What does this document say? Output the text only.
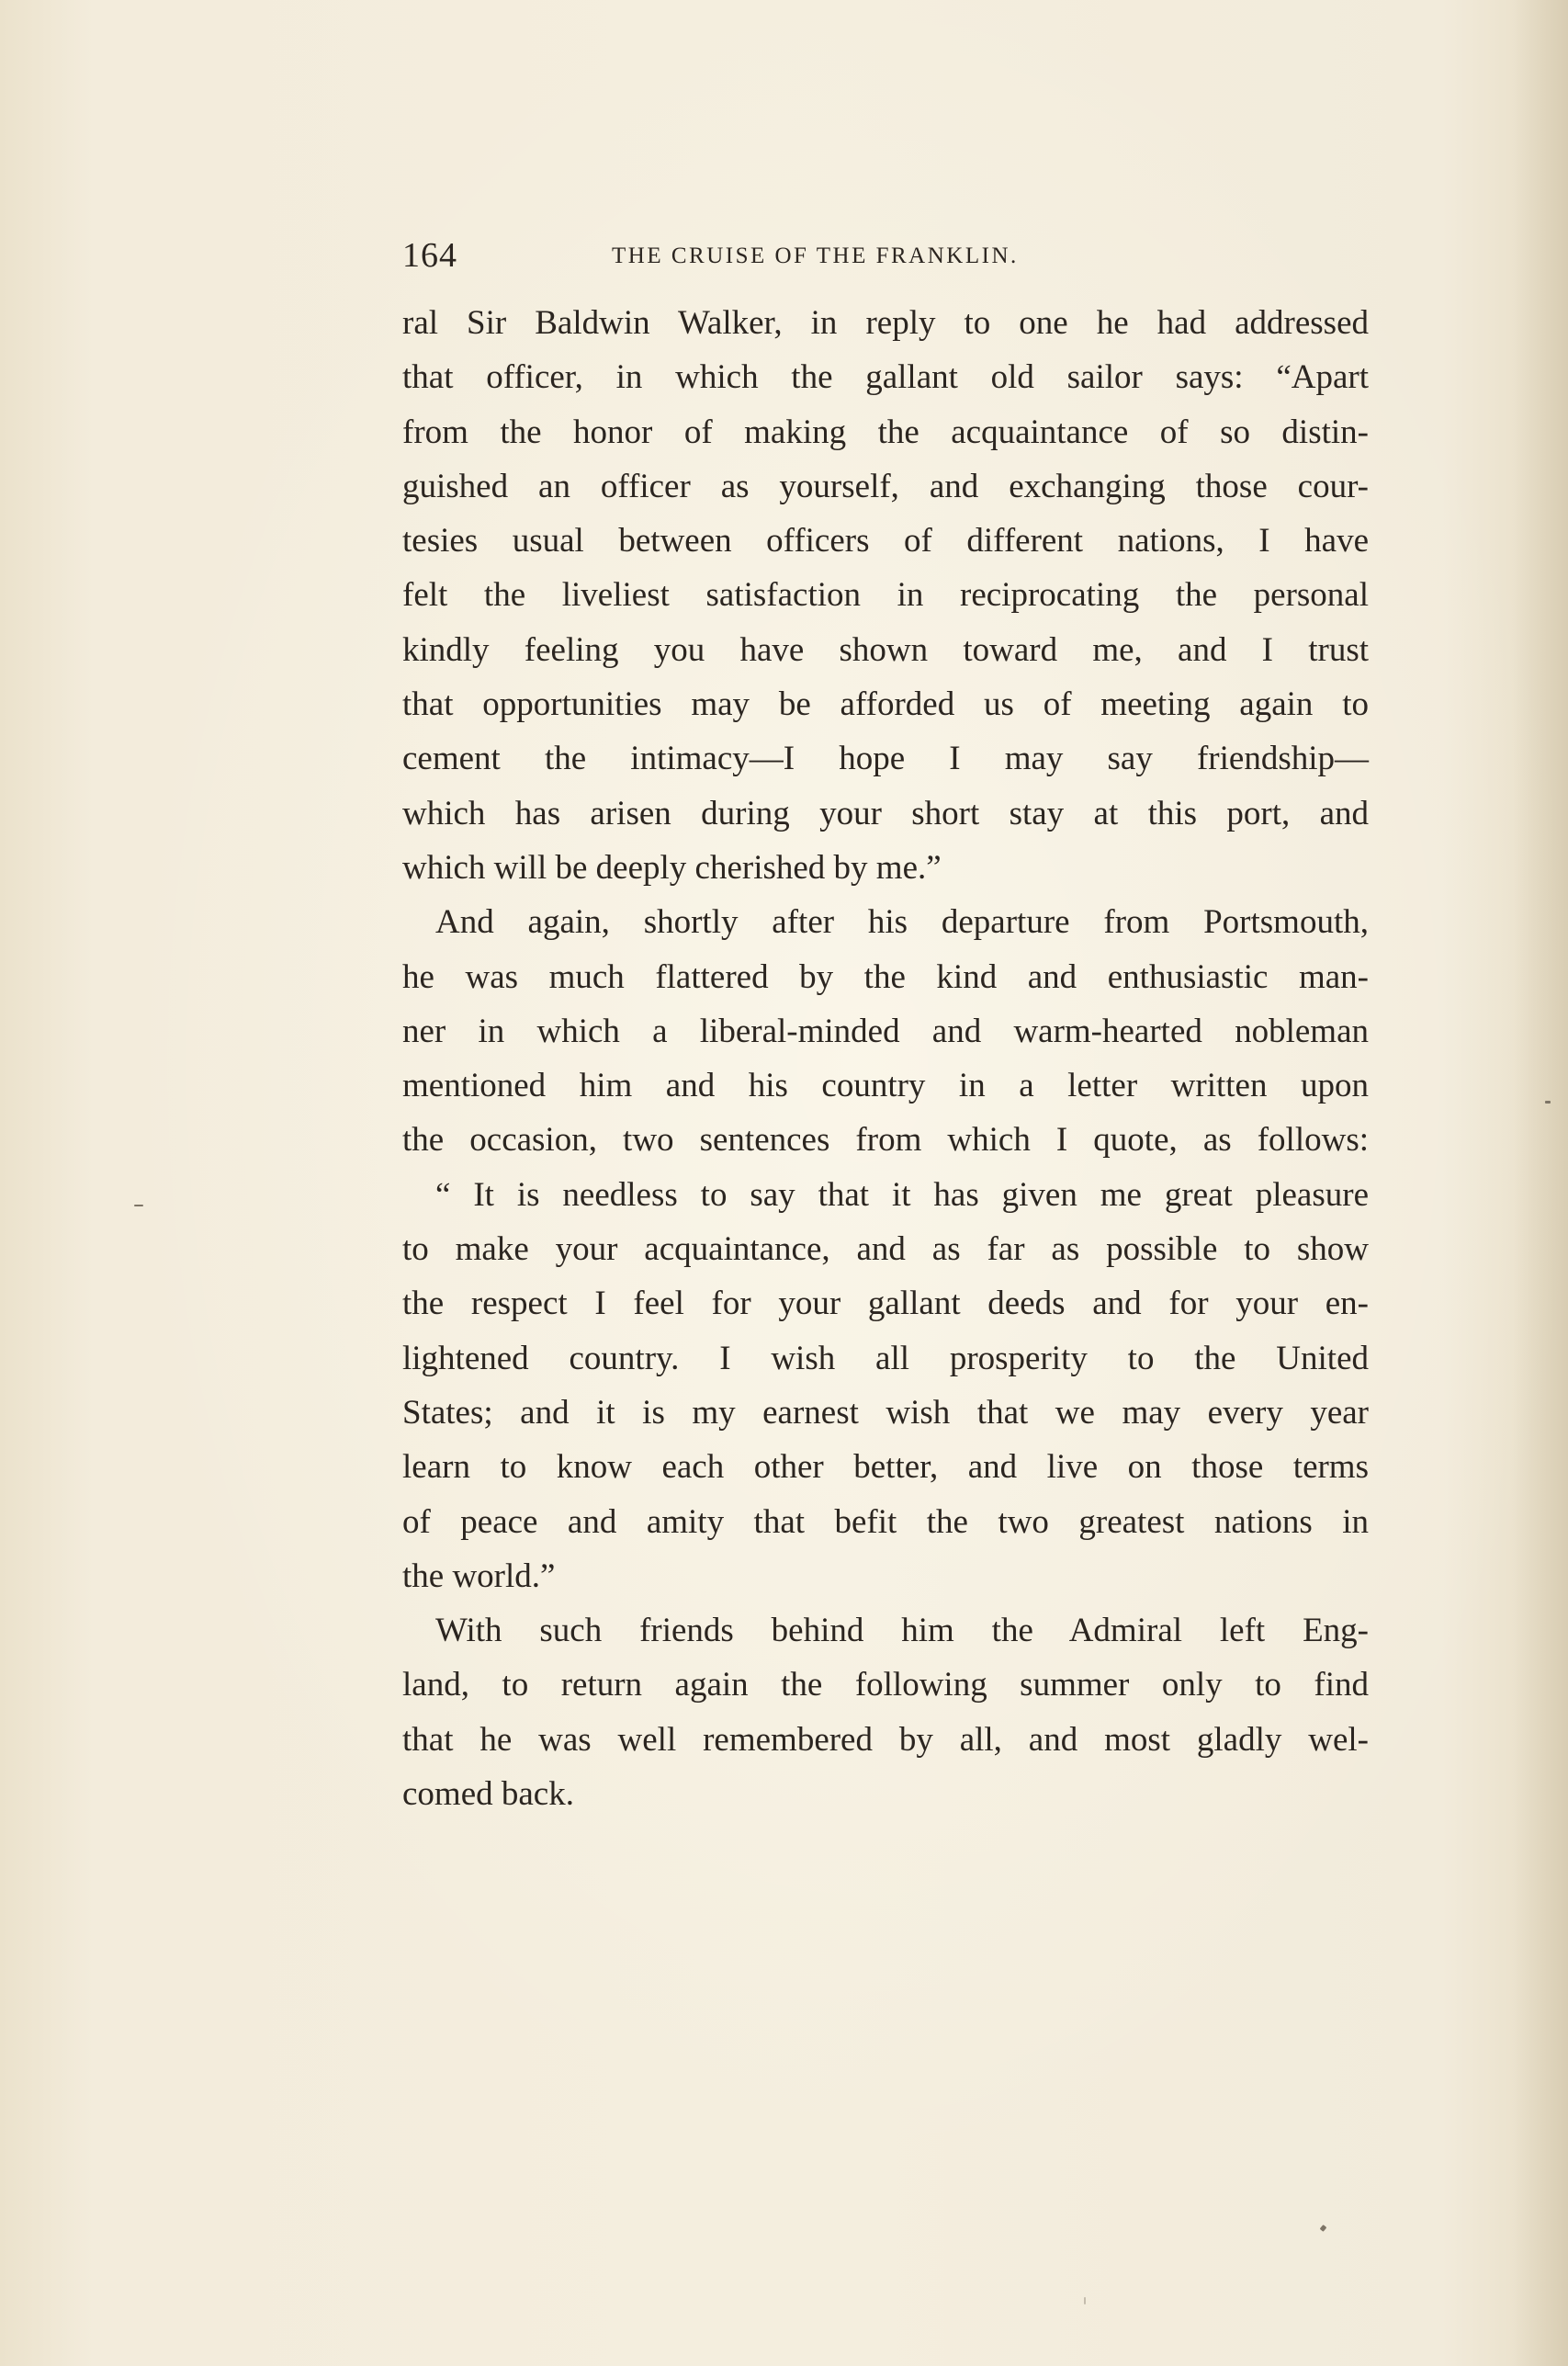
164	THE CRUISE OF THE FRANKLIN.
ral Sir Baldwin Walker, in reply to one he had addressed
that officer, in which the gallant old sailor says: “Apart
from the honor of making the acquaintance of so distin-
guished an officer as yourself, and exchanging those cour-
tesies usual between officers of different nations, I have
felt the liveliest satisfaction in reciprocating the personal
kindly feeling you have shown toward me, and I trust
that opportunities may be afforded us of meeting again to
cement the intimacy—I hope I may say friendship—
which has arisen during your short stay at this port, and
which will be deeply cherished by me.”
And again, shortly after his departure from Portsmouth,
he was much flattered by the kind and enthusiastic man-
ner in which a liberal-minded and warm-hearted nobleman
mentioned him and his country in a letter written upon
the occasion, two sentences from which I quote, as follows:
“ It is needless to say that it has given me great pleasure
to make your acquaintance, and as far as possible to show
the respect I feel for your gallant deeds and for your en-
lightened country. I wish all prosperity to the United
States; and it is my earnest wish that we may every year
learn to know each other better, and live on those terms
of peace and amity that befit the two greatest nations in
the world.”
With such friends behind him the Admiral left Eng-
land, to return again the following summer only to find
that he was well remembered by all, and most gladly wel-
comed back.
